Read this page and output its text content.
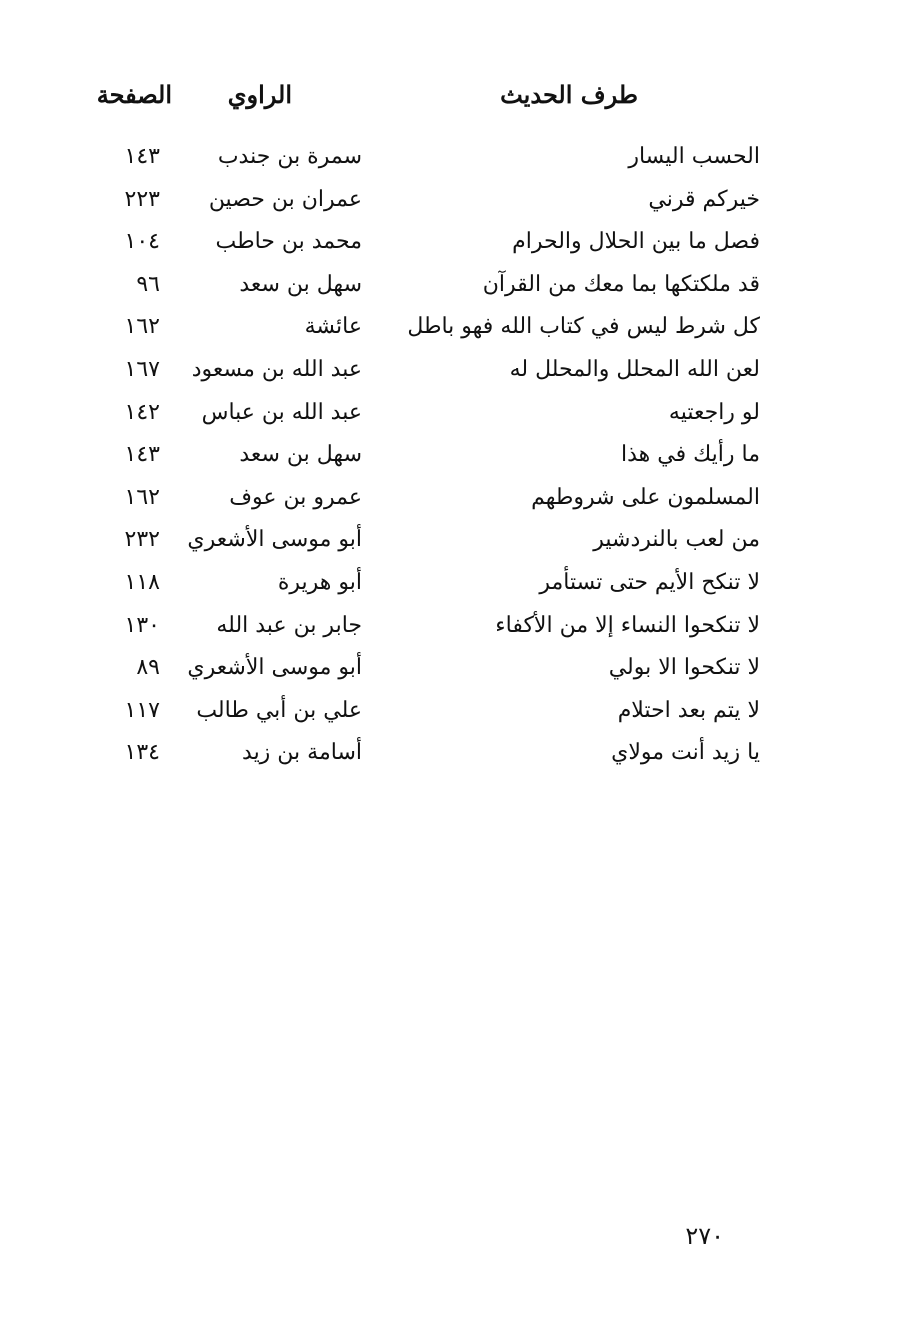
طرف الحديث
الراوي
الصفحة
الحسب اليسار
سمرة بن جندب
١٤٣
خيركم قرني
عمران بن حصين
٢٢٣
فصل ما بين الحلال والحرام
محمد بن حاطب
١٠٤
قد ملكتكها بما معك من القرآن
سهل بن سعد
٩٦
كل شرط ليس في كتاب الله فهو باطل
عائشة
١٦٢
لعن الله المحلل والمحلل له
عبد الله بن مسعود
١٦٧
لو راجعتيه
عبد الله بن عباس
١٤٢
ما رأيك في هذا
سهل بن سعد
١٤٣
المسلمون على شروطهم
عمرو بن عوف
١٦٢
من لعب بالنردشير
أبو موسى الأشعري
٢٣٢
لا تنكح الأيم حتى تستأمر
أبو هريرة
١١٨
لا تنكحوا النساء إلا من الأكفاء
جابر بن عبد الله
١٣٠
لا تنكحوا الا بولي
أبو موسى الأشعري
٨٩
لا يتم بعد احتلام
علي بن أبي طالب
١١٧
يا زيد أنت مولاي
أسامة بن زيد
١٣٤
٢٧٠
